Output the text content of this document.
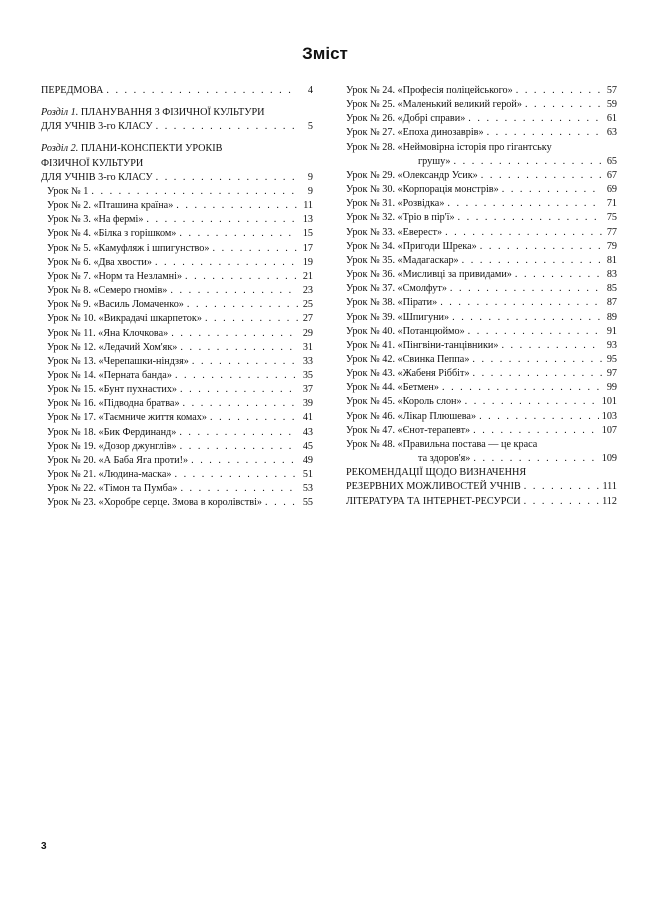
Зміст
ПЕРЕДМОВА . . .	4
Розділ 1. ПЛАНУВАННЯ З ФІЗИЧНОЇ КУЛЬТУРИ
ДЛЯ УЧНІВ 3-го КЛАСУ . . .	5
Розділ 2. ПЛАНИ-КОНСПЕКТИ УРОКІВ
ФІЗИЧНОЇ КУЛЬТУРИ
ДЛЯ УЧНІВ 3-го КЛАСУ . . .	9
Урок № 1 . . .	9
Урок № 2. «Пташина країна» . . .	11
Урок № 3. «На фермі» . . .	13
Урок № 4. «Білка з горішком» . . .	15
Урок № 5. «Камуфляж і шпигунство» . . .	17
Урок № 6. «Два хвости» . . .	19
Урок № 7. «Норм та Незламні» . . .	21
Урок № 8. «Семеро гномів» . . .	23
Урок № 9. «Василь Ломаченко» . . .	25
Урок № 10. «Викрадачі шкарпеток» . . .	27
Урок № 11. «Яна Клочкова» . . .	29
Урок № 12. «Ледачий Хом'як» . . .	31
Урок № 13. «Черепашки-ніндзя» . . .	33
Урок № 14. «Перната банда» . . .	35
Урок № 15. «Бунт пухнастих» . . .	37
Урок № 16. «Підводна братва» . . .	39
Урок № 17. «Таємниче життя комах» . . .	41
Урок № 18. «Бик Фердинанд» . . .	43
Урок № 19. «Дозор джунглів» . . .	45
Урок № 20. «А Баба Яга проти!» . . .	49
Урок № 21. «Людина-маска» . . .	51
Урок № 22. «Тімон та Пумба» . . .	53
Урок № 23. «Хоробре серце. Змова в королівстві» . . .	55
Урок № 24. «Професія поліцейського» . . .	57
Урок № 25. «Маленький великий герой» . . .	59
Урок № 26. «Добрі справи» . . .	61
Урок № 27. «Епоха динозаврів» . . .	63
Урок № 28. «Неймовірна історія про гігантську
грушу» . . .	65
Урок № 29. «Олександр Усик» . . .	67
Урок № 30. «Корпорація монстрів» . . .	69
Урок № 31. «Розвідка» . . .	71
Урок № 32. «Тріо в пір'ї» . . .	75
Урок № 33. «Еверест» . . .	77
Урок № 34. «Пригоди Шрека» . . .	79
Урок № 35. «Мадагаскар» . . .	81
Урок № 36. «Мисливці за привидами» . . .	83
Урок № 37. «Смолфут» . . .	85
Урок № 38. «Пірати» . . .	87
Урок № 39. «Шпигуни» . . .	89
Урок № 40. «Потанцюймо» . . .	91
Урок № 41. «Пінгвіни-танцівники» . . .	93
Урок № 42. «Свинка Пеппа» . . .	95
Урок № 43. «Жабеня Ріббіт» . . .	97
Урок № 44. «Бетмен» . . .	99
Урок № 45. «Король слон» . . .	101
Урок № 46. «Лікар Плюшева» . . .	103
Урок № 47. «Єнот-терапевт» . . .	107
Урок № 48. «Правильна постава — це краса
та здоров'я» . . .	109
РЕКОМЕНДАЦІЇ ЩОДО ВИЗНАЧЕННЯ
РЕЗЕРВНИХ МОЖЛИВОСТЕЙ УЧНІВ . . .	111
ЛІТЕРАТУРА ТА ІНТЕРНЕТ-РЕСУРСИ . . .	112
3
